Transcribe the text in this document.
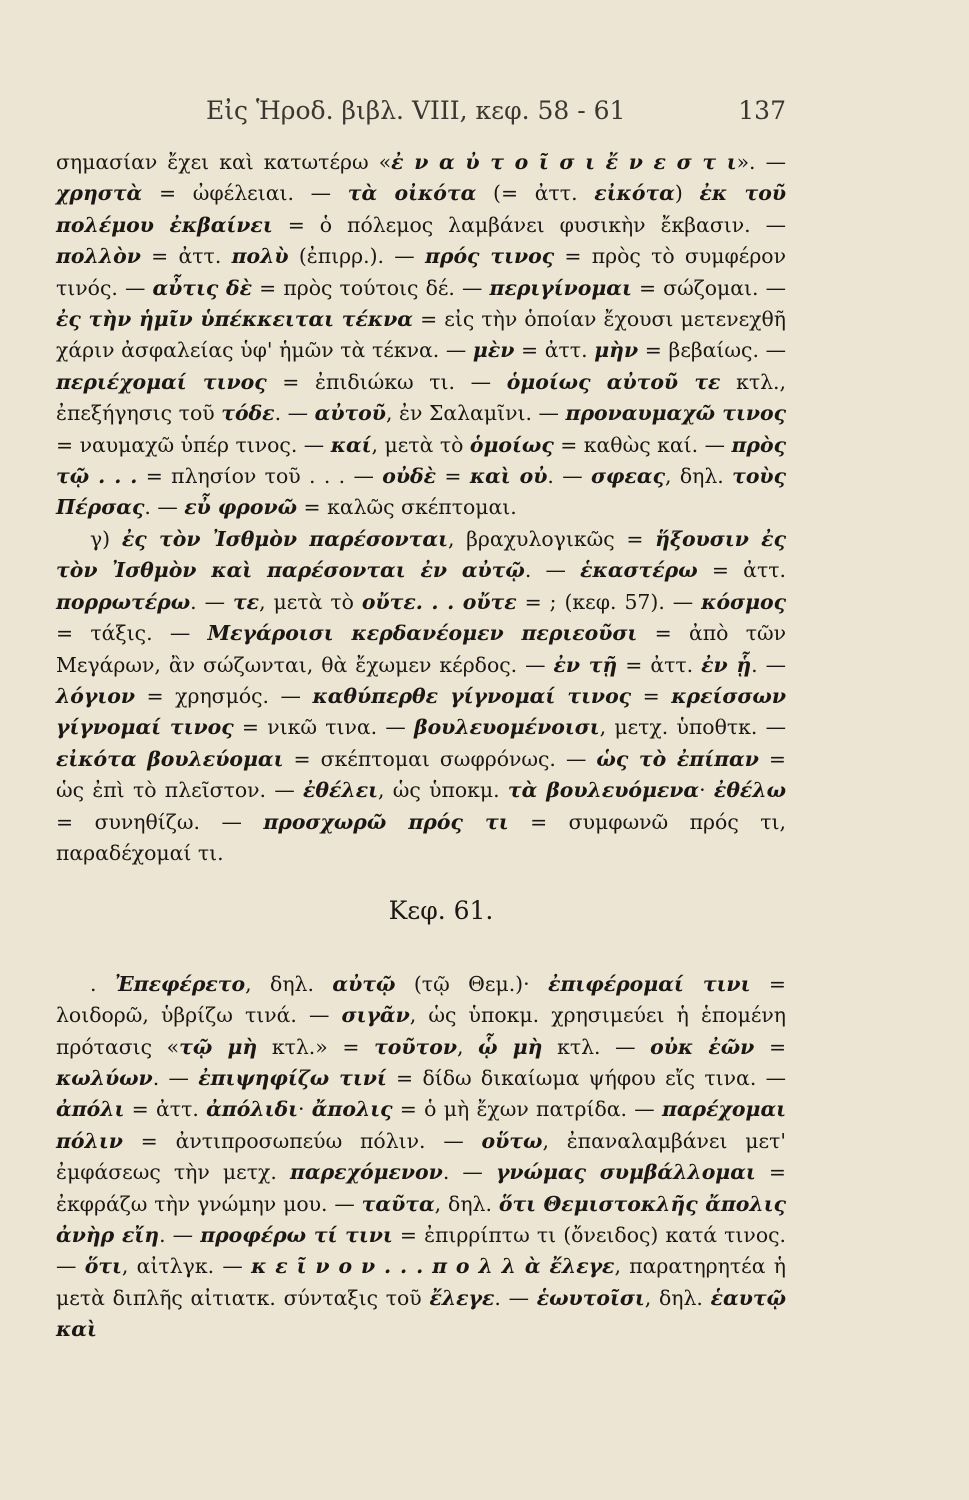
Εἰς Ἡροδ. βιβλ. VIII, κεφ. 58 - 61	137

σημασίαν ἔχει καὶ κατωτέρω «ἐ ν α ὐ τ ο ῖ σ ι ἔ ν ε σ τ ι». — χρηστὰ = ὠφέλειαι. — τὰ οἰκότα (= ἀττ. εἰκότα) ἐκ τοῦ πολέμου ἐκβαίνει = ὁ πόλεμος λαμβάνει φυσικὴν ἔκβασιν. — πολλὸν = ἀττ. πολὺ (ἐπιρρ.). — πρός τινος = πρὸς τὸ συμφέρον τινός. — αὖτις δὲ = πρὸς τούτοις δέ. — περιγίνομαι = σώζομαι. — ἐς τὴν ἡμῖν ὑπέκκειται τέκνα = εἰς τὴν ὁποίαν ἔχουσι μετενεχθῆ χάριν ἀσφαλείας ὑφ' ἡμῶν τὰ τέκνα. — μὲν = ἀττ. μὴν = βεβαίως. — περιέχομαί τινος = ἐπιδιώκω τι. — ὁμοίως αὐτοῦ τε κτλ., ἐπεξήγησις τοῦ τόδε. — αὐτοῦ, ἐν Σαλαμῖνι. — προναυμαχῶ τινος = ναυμαχῶ ὑπέρ τινος. — καί, μετὰ τὸ ὁμοίως = καθὼς καί. — πρὸς τῷ . . . = πλησίον τοῦ . . . — οὐδὲ = καὶ οὐ. — σφεας, δηλ. τοὺς Πέρσας. — εὖ φρονῶ = καλῶς σκέπτομαι.

γ) ἐς τὸν Ἰσθμὸν παρέσονται, βραχυλογικῶς = ἥξουσιν ἐς τὸν Ἰσθμὸν καὶ παρέσονται ἐν αὐτῷ. — ἑκαστέρω = ἀττ. πορρωτέρω. — τε, μετὰ τὸ οὔτε. . . οὔτε = ; (κεφ. 57). — κόσμος = τάξις. — Μεγάροισι κερδανέομεν περιεοῦσι = ἀπὸ τῶν Μεγάρων, ἂν σώζωνται, θὰ ἔχωμεν κέρδος. — ἐν τῇ = ἀττ. ἐν ᾗ. — λόγιον = χρησμός. — καθύπερθε γίγνομαί τινος = κρείσσων γίγνομαί τινος = νικῶ τινα. — βουλευομένοισι, μετχ. ὑποθτκ. — εἰκότα βουλεύομαι = σκέπτομαι σωφρόνως. — ὡς τὸ ἐπίπαν = ὡς ἐπὶ τὸ πλεῖστον. — ἐθέλει, ὡς ὑποκμ. τὰ βουλευόμενα· ἐθέλω = συνηθίζω. — προσχωρῶ πρός τι = συμφωνῶ πρός τι, παραδέχομαί τι.

Κεφ. 61.

. Ἐπεφέρετο, δηλ. αὐτῷ (τῷ Θεμ.)· ἐπιφέρομαί τινι = λοιδορῶ, ὑβρίζω τινά. — σιγᾶν, ὡς ὑποκμ. χρησιμεύει ἡ ἑπομένη πρότασις «τῷ μὴ κτλ.» = τοῦτον, ᾧ μὴ κτλ. — οὐκ ἐῶν = κωλύων. — ἐπιψηφίζω τινί = δίδω δικαίωμα ψήφου εἴς τινα. — ἀπόλι = ἀττ. ἀπόλιδι· ἄπολις = ὁ μὴ ἔχων πατρίδα. — παρέχομαι πόλιν = ἀντιπροσωπεύω πόλιν. — οὕτω, ἐπαναλαμβάνει μετ' ἐμφάσεως τὴν μετχ. παρεχόμενον. — γνώμας συμβάλλομαι = ἐκφράζω τὴν γνώμην μου. — ταῦτα, δηλ. ὅτι Θεμιστοκλῆς ἄπολις ἀνὴρ εἴη. — προφέρω τί τινι = ἐπιρρίπτω τι (ὄνειδος) κατά τινος. — ὅτι, αἰτλγκ. — κ ε ῖ ν ο ν . . . π ο λ λ ὰ ἔλεγε, παρατηρητέα ἡ μετὰ διπλῆς αἰτιατκ. σύνταξις τοῦ ἔλεγε. — ἑωυτοῖσι, δηλ. ἑαυτῷ καὶ
